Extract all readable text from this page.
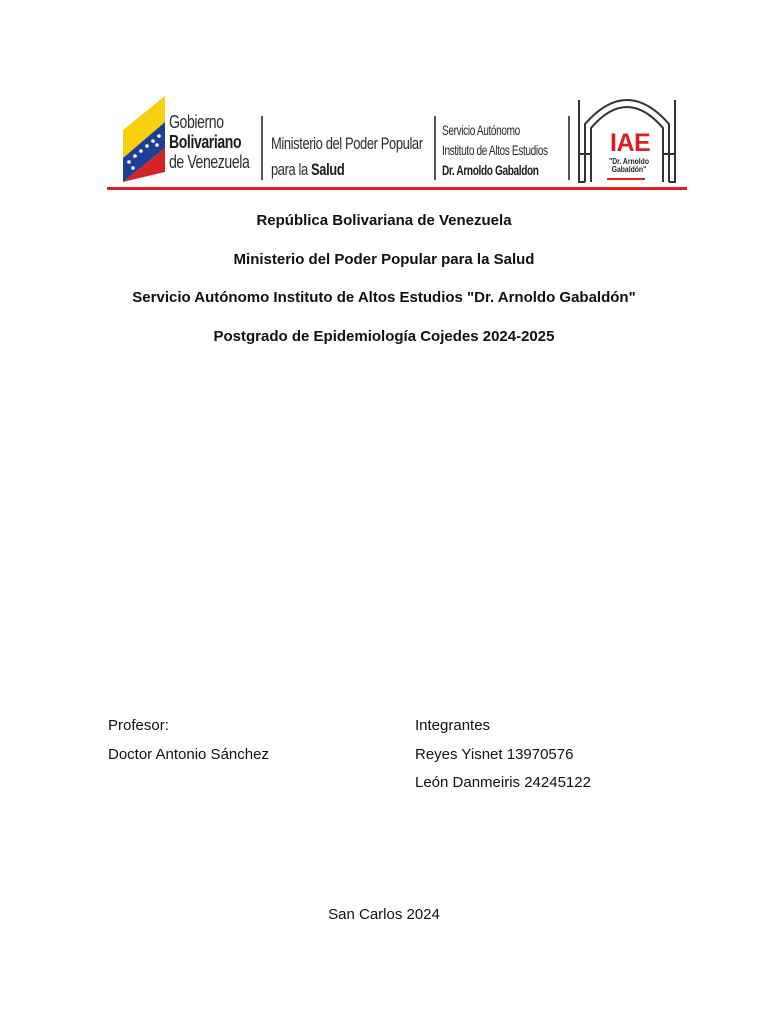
Gobierno
Bolivariano
de Venezuela
Ministerio del Poder Popular
para la Salud
Servicio Autónomo
Instituto de Altos Estudios
Dr. Arnoldo Gabaldon
IAE
"Dr. Arnoldo
Gabaldón"
República Bolivariana de Venezuela
Ministerio del Poder Popular para la Salud
Servicio Autónomo Instituto de Altos Estudios "Dr. Arnoldo Gabaldón"
Postgrado de Epidemiología Cojedes 2024-2025
Profesor:
Doctor Antonio Sánchez
Integrantes
Reyes Yisnet 13970576
León Danmeiris 24245122
San Carlos 2024
